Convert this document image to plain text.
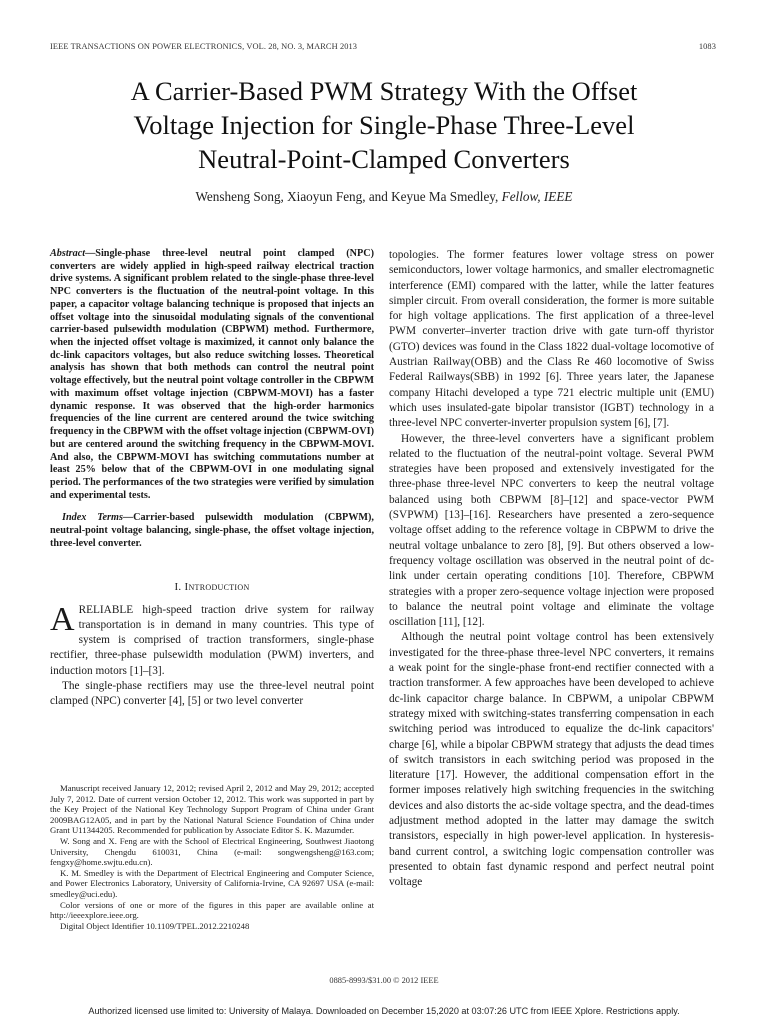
IEEE TRANSACTIONS ON POWER ELECTRONICS, VOL. 28, NO. 3, MARCH 2013	1083
A Carrier-Based PWM Strategy With the Offset
Voltage Injection for Single-Phase Three-Level
Neutral-Point-Clamped Converters
Wensheng Song, Xiaoyun Feng, and Keyue Ma Smedley, Fellow, IEEE

Abstract—Single-phase three-level neutral point clamped (NPC) converters are widely applied in high-speed railway electrical traction drive systems. A significant problem related to the single-phase three-level NPC converters is the fluctuation of the neutral-point voltage. In this paper, a capacitor voltage balancing technique is proposed that injects an offset voltage into the sinusoidal modulating signals of the conventional carrier-based pulsewidth modulation (CBPWM) method. Furthermore, when the injected offset voltage is maximized, it cannot only balance the dc-link capacitors voltages, but also reduce switching losses. Theoretical analysis has shown that both methods can control the neutral point voltage effectively, but the neutral point voltage controller in the CBPWM with maximum offset voltage injection (CBPWM-MOVI) has a faster dynamic response. It was observed that the high-order harmonics frequencies of the line current are centered around the twice switching frequency in the CBPWM with the offset voltage injection (CBPWM-OVI) but are centered around the switching frequency in the CBPWM-MOVI. And also, the CBPWM-MOVI has switching commutations number at least 25% below that of the CBPWM-OVI in one modulating signal period. The performances of the two strategies were verified by simulation and experimental tests.

Index Terms—Carrier-based pulsewidth modulation (CBPWM), neutral-point voltage balancing, single-phase, the offset voltage injection, three-level converter.

I. Introduction

ARELIABLE high-speed traction drive system for railway transportation is in demand in many countries. This type of system is comprised of traction transformers, single-phase rectifier, three-phase pulsewidth modulation (PWM) inverters, and induction motors [1]–[3].

The single-phase rectifiers may use the three-level neutral point clamped (NPC) converter [4], [5] or two level converter

Manuscript received January 12, 2012; revised April 2, 2012 and May 29, 2012; accepted July 7, 2012. Date of current version October 12, 2012. This work was supported in part by the Key Project of the National Key Technology Support Program of China under Grant 2009BAG12A05, and in part by the National Natural Science Foundation of China under Grant U11344205. Recommended for publication by Associate Editor S. K. Mazumder.

W. Song and X. Feng are with the School of Electrical Engineering, Southwest Jiaotong University, Chengdu 610031, China (e-mail: songwengsheng@163.com; fengxy@home.swjtu.edu.cn).

K. M. Smedley is with the Department of Electrical Engineering and Computer Science, and Power Electronics Laboratory, University of California-Irvine, CA 92697 USA (e-mail: smedley@uci.edu).

Color versions of one or more of the figures in this paper are available online at http://ieeexplore.ieee.org.

Digital Object Identifier 10.1109/TPEL.2012.2210248

topologies. The former features lower voltage stress on power semiconductors, lower voltage harmonics, and smaller electromagnetic interference (EMI) compared with the latter, while the latter features simpler circuit. From overall consideration, the former is more suitable for high voltage applications. The first application of a three-level PWM converter–inverter traction drive with gate turn-off thyristor (GTO) devices was found in the Class 1822 dual-voltage locomotive of Austrian Railway(OBB) and the Class Re 460 locomotive of Swiss Federal Railways(SBB) in 1992 [6]. Three years later, the Japanese company Hitachi developed a type 721 electric multiple unit (EMU) which uses insulated-gate bipolar transistor (IGBT) technology in a three-level NPC converter-inverter propulsion system [6], [7].

However, the three-level converters have a significant problem related to the fluctuation of the neutral-point voltage. Several PWM strategies have been proposed and extensively investigated for the three-phase three-level NPC converters to keep the neutral voltage balanced using both CBPWM [8]–[12] and space-vector PWM (SVPWM) [13]–[16]. Researchers have presented a zero-sequence voltage offset adding to the reference voltage in CBPWM to drive the neutral voltage unbalance to zero [8], [9]. But others observed a low-frequency voltage oscillation was observed in the neutral point of dc-link under certain operating conditions [10]. Therefore, CBPWM strategies with a proper zero-sequence voltage injection were proposed to balance the neutral point voltage and eliminate the voltage oscillation [11], [12].

Although the neutral point voltage control has been extensively investigated for the three-phase three-level NPC converters, it remains a weak point for the single-phase front-end rectifier connected with a traction transformer. A few approaches have been developed to achieve dc-link capacitor charge balance. In CBPWM, a unipolar CBPWM strategy mixed with switching-states transferring compensation in each switching period was introduced to equalize the dc-link capacitors' charge [6], while a bipolar CBPWM strategy that adjusts the dead times of switch transistors in each switching period was proposed in the literature [17]. However, the additional compensation effort in the former imposes relatively high switching frequencies in the switching devices and also distorts the ac-side voltage spectra, and the dead-times adjustment method adopted in the latter may damage the switch transistors, especially in high power-level application. In hysteresis-band current control, a switching logic compensation controller was presented to obtain fast dynamic respond and perfect neutral point voltage

0885-8993/$31.00 © 2012 IEEE
Authorized licensed use limited to: University of Malaya. Downloaded on December 15,2020 at 03:07:26 UTC from IEEE Xplore. Restrictions apply.
